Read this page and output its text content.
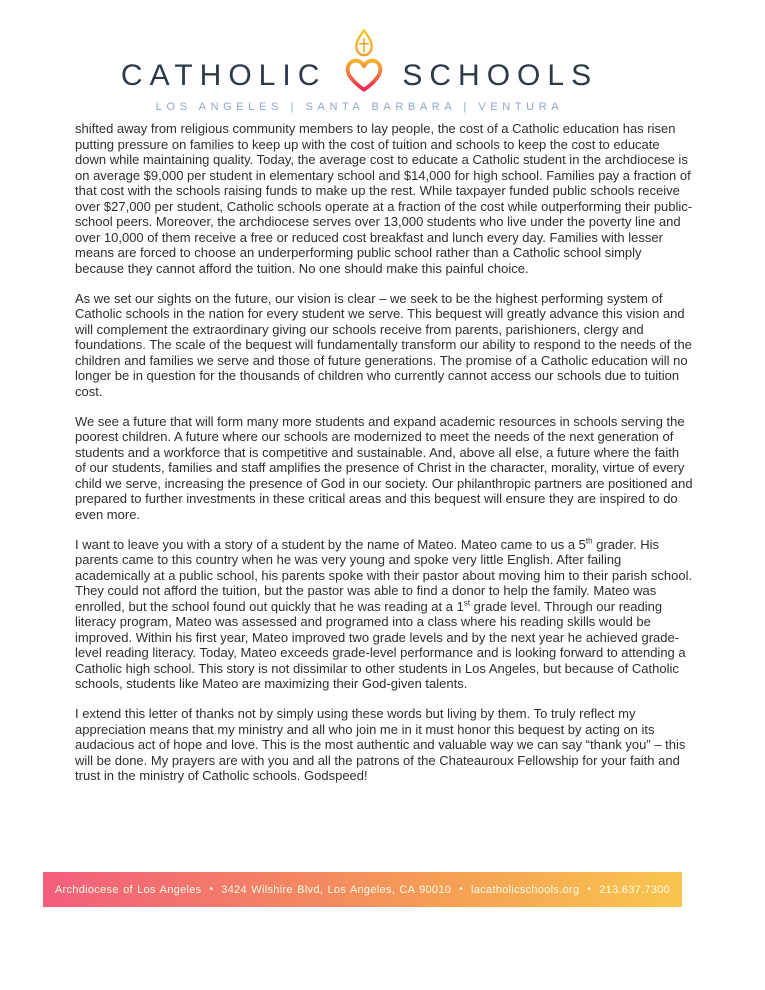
CATHOLIC	SCHOOLS
LOS ANGELES | SANTA BARBARA | VENTURA

shifted away from religious community members to lay people, the cost of a Catholic education has risen putting pressure on families to keep up with the cost of tuition and schools to keep the cost to educate down while maintaining quality. Today, the average cost to educate a Catholic student in the archdiocese is on average $9,000 per student in elementary school and $14,000 for high school. Families pay a fraction of that cost with the schools raising funds to make up the rest. While taxpayer funded public schools receive over $27,000 per student, Catholic schools operate at a fraction of the cost while outperforming their public-school peers. Moreover, the archdiocese serves over 13,000 students who live under the poverty line and over 10,000 of them receive a free or reduced cost breakfast and lunch every day. Families with lesser means are forced to choose an underperforming public school rather than a Catholic school simply because they cannot afford the tuition. No one should make this painful choice.

As we set our sights on the future, our vision is clear – we seek to be the highest performing system of Catholic schools in the nation for every student we serve. This bequest will greatly advance this vision and will complement the extraordinary giving our schools receive from parents, parishioners, clergy and foundations. The scale of the bequest will fundamentally transform our ability to respond to the needs of the children and families we serve and those of future generations. The promise of a Catholic education will no longer be in question for the thousands of children who currently cannot access our schools due to tuition cost.

We see a future that will form many more students and expand academic resources in schools serving the poorest children. A future where our schools are modernized to meet the needs of the next generation of students and a workforce that is competitive and sustainable. And, above all else, a future where the faith of our students, families and staff amplifies the presence of Christ in the character, morality, virtue of every child we serve, increasing the presence of God in our society. Our philanthropic partners are positioned and prepared to further investments in these critical areas and this bequest will ensure they are inspired to do even more.

I want to leave you with a story of a student by the name of Mateo. Mateo came to us a 5th grader. His parents came to this country when he was very young and spoke very little English. After failing academically at a public school, his parents spoke with their pastor about moving him to their parish school. They could not afford the tuition, but the pastor was able to find a donor to help the family. Mateo was enrolled, but the school found out quickly that he was reading at a 1st grade level. Through our reading literacy program, Mateo was assessed and programed into a class where his reading skills would be improved. Within his first year, Mateo improved two grade levels and by the next year he achieved grade-level reading literacy. Today, Mateo exceeds grade-level performance and is looking forward to attending a Catholic high school. This story is not dissimilar to other students in Los Angeles, but because of Catholic schools, students like Mateo are maximizing their God-given talents.

I extend this letter of thanks not by simply using these words but living by them. To truly reflect my appreciation means that my ministry and all who join me in it must honor this bequest by acting on its audacious act of hope and love. This is the most authentic and valuable way we can say “thank you” – this will be done. My prayers are with you and all the patrons of the Chateauroux Fellowship for your faith and trust in the ministry of Catholic schools. Godspeed!

Archdiocese of Los Angeles • 3424 Wilshire Blvd, Los Angeles, CA 90010 • lacatholicschools.org • 213.637.7300
